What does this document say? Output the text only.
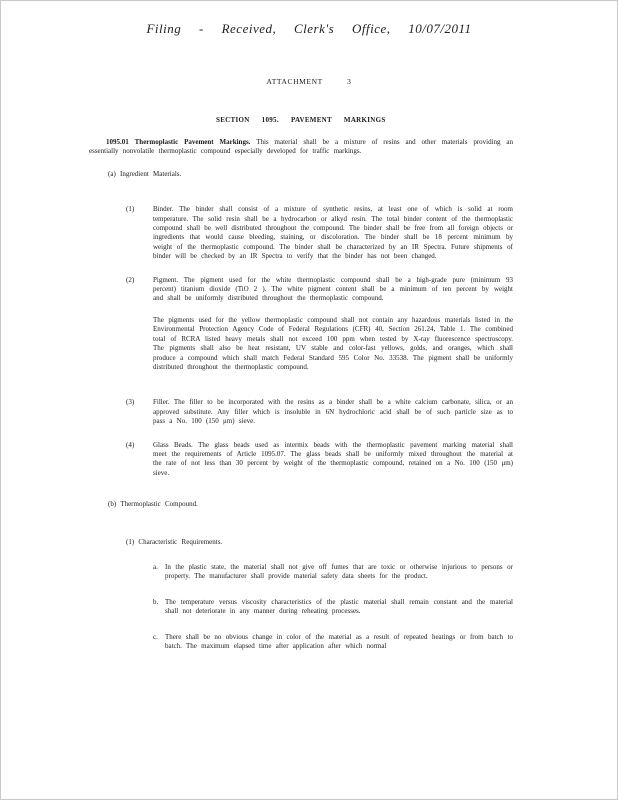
Filing - Received, Clerk's Office, 10/07/2011
ATTACHMENT 3
SECTION 1095. PAVEMENT MARKINGS
1095.01 Thermoplastic Pavement Markings. This material shall be a mixture of resins and other materials providing an essentially nonvolatile thermoplastic compound especially developed for traffic markings.
(a) Ingredient Materials.
(1)	Binder. The binder shall consist of a mixture of synthetic resins, at least one of which is solid at room temperature. The solid resin shall be a hydrocarbon or alkyd resin. The total binder content of the thermoplastic compound shall be well distributed throughout the compound. The binder shall be free from all foreign objects or ingredients that would cause bleeding, staining, or discoloration. The binder shall be 18 percent minimum by weight of the thermoplastic compound. The binder shall be characterized by an IR Spectra. Future shipments of binder will be checked by an IR Spectra to verify that the binder has not been changed.
(2)	Pigment. The pigment used for the white thermoplastic compound shall be a high-grade pure (minimum 93 percent) titanium dioxide (TiO 2 ). The white pigment content shall be a minimum of ten percent by weight and shall be uniformly distributed throughout the thermoplastic compound.
The pigments used for the yellow thermoplastic compound shall not contain any hazardous materials listed in the Environmental Protection Agency Code of Federal Regulations (CFR) 40, Section 261.24, Table 1. The combined total of RCRA listed heavy metals shall not exceed 100 ppm when tested by X-ray fluorescence spectroscopy. The pigments shall also be heat resistant, UV stable and color-fast yellows, golds, and oranges, which shall produce a compound which shall match Federal Standard 595 Color No. 33538. The pigment shall be uniformly distributed throughout the thermoplastic compound.
(3)	Filler. The filler to be incorporated with the resins as a binder shall be a white calcium carbonate, silica, or an approved substitute. Any filler which is insoluble in 6N hydrochloric acid shall be of such particle size as to pass a No. 100 (150 μm) sieve.
(4)	Glass Beads. The glass beads used as intermix beads with the thermoplastic pavement marking material shall meet the requirements of Article 1095.07. The glass beads shall be uniformly mixed throughout the material at the rate of not less than 30 percent by weight of the thermoplastic compound, retained on a No. 100 (150 μm) sieve.
(b) Thermoplastic Compound.
(1) Characteristic Requirements.
a.	In the plastic state, the material shall not give off fumes that are toxic or otherwise injurious to persons or property. The manufacturer shall provide material safety data sheets for the product.
b. The temperature versus viscosity characteristics of the plastic material shall remain constant and the material shall not deteriorate in any manner during reheating processes.
c.	There shall be no obvious change in color of the material as a result of repeated heatings or from batch to batch. The maximum elapsed time after application after which normal
